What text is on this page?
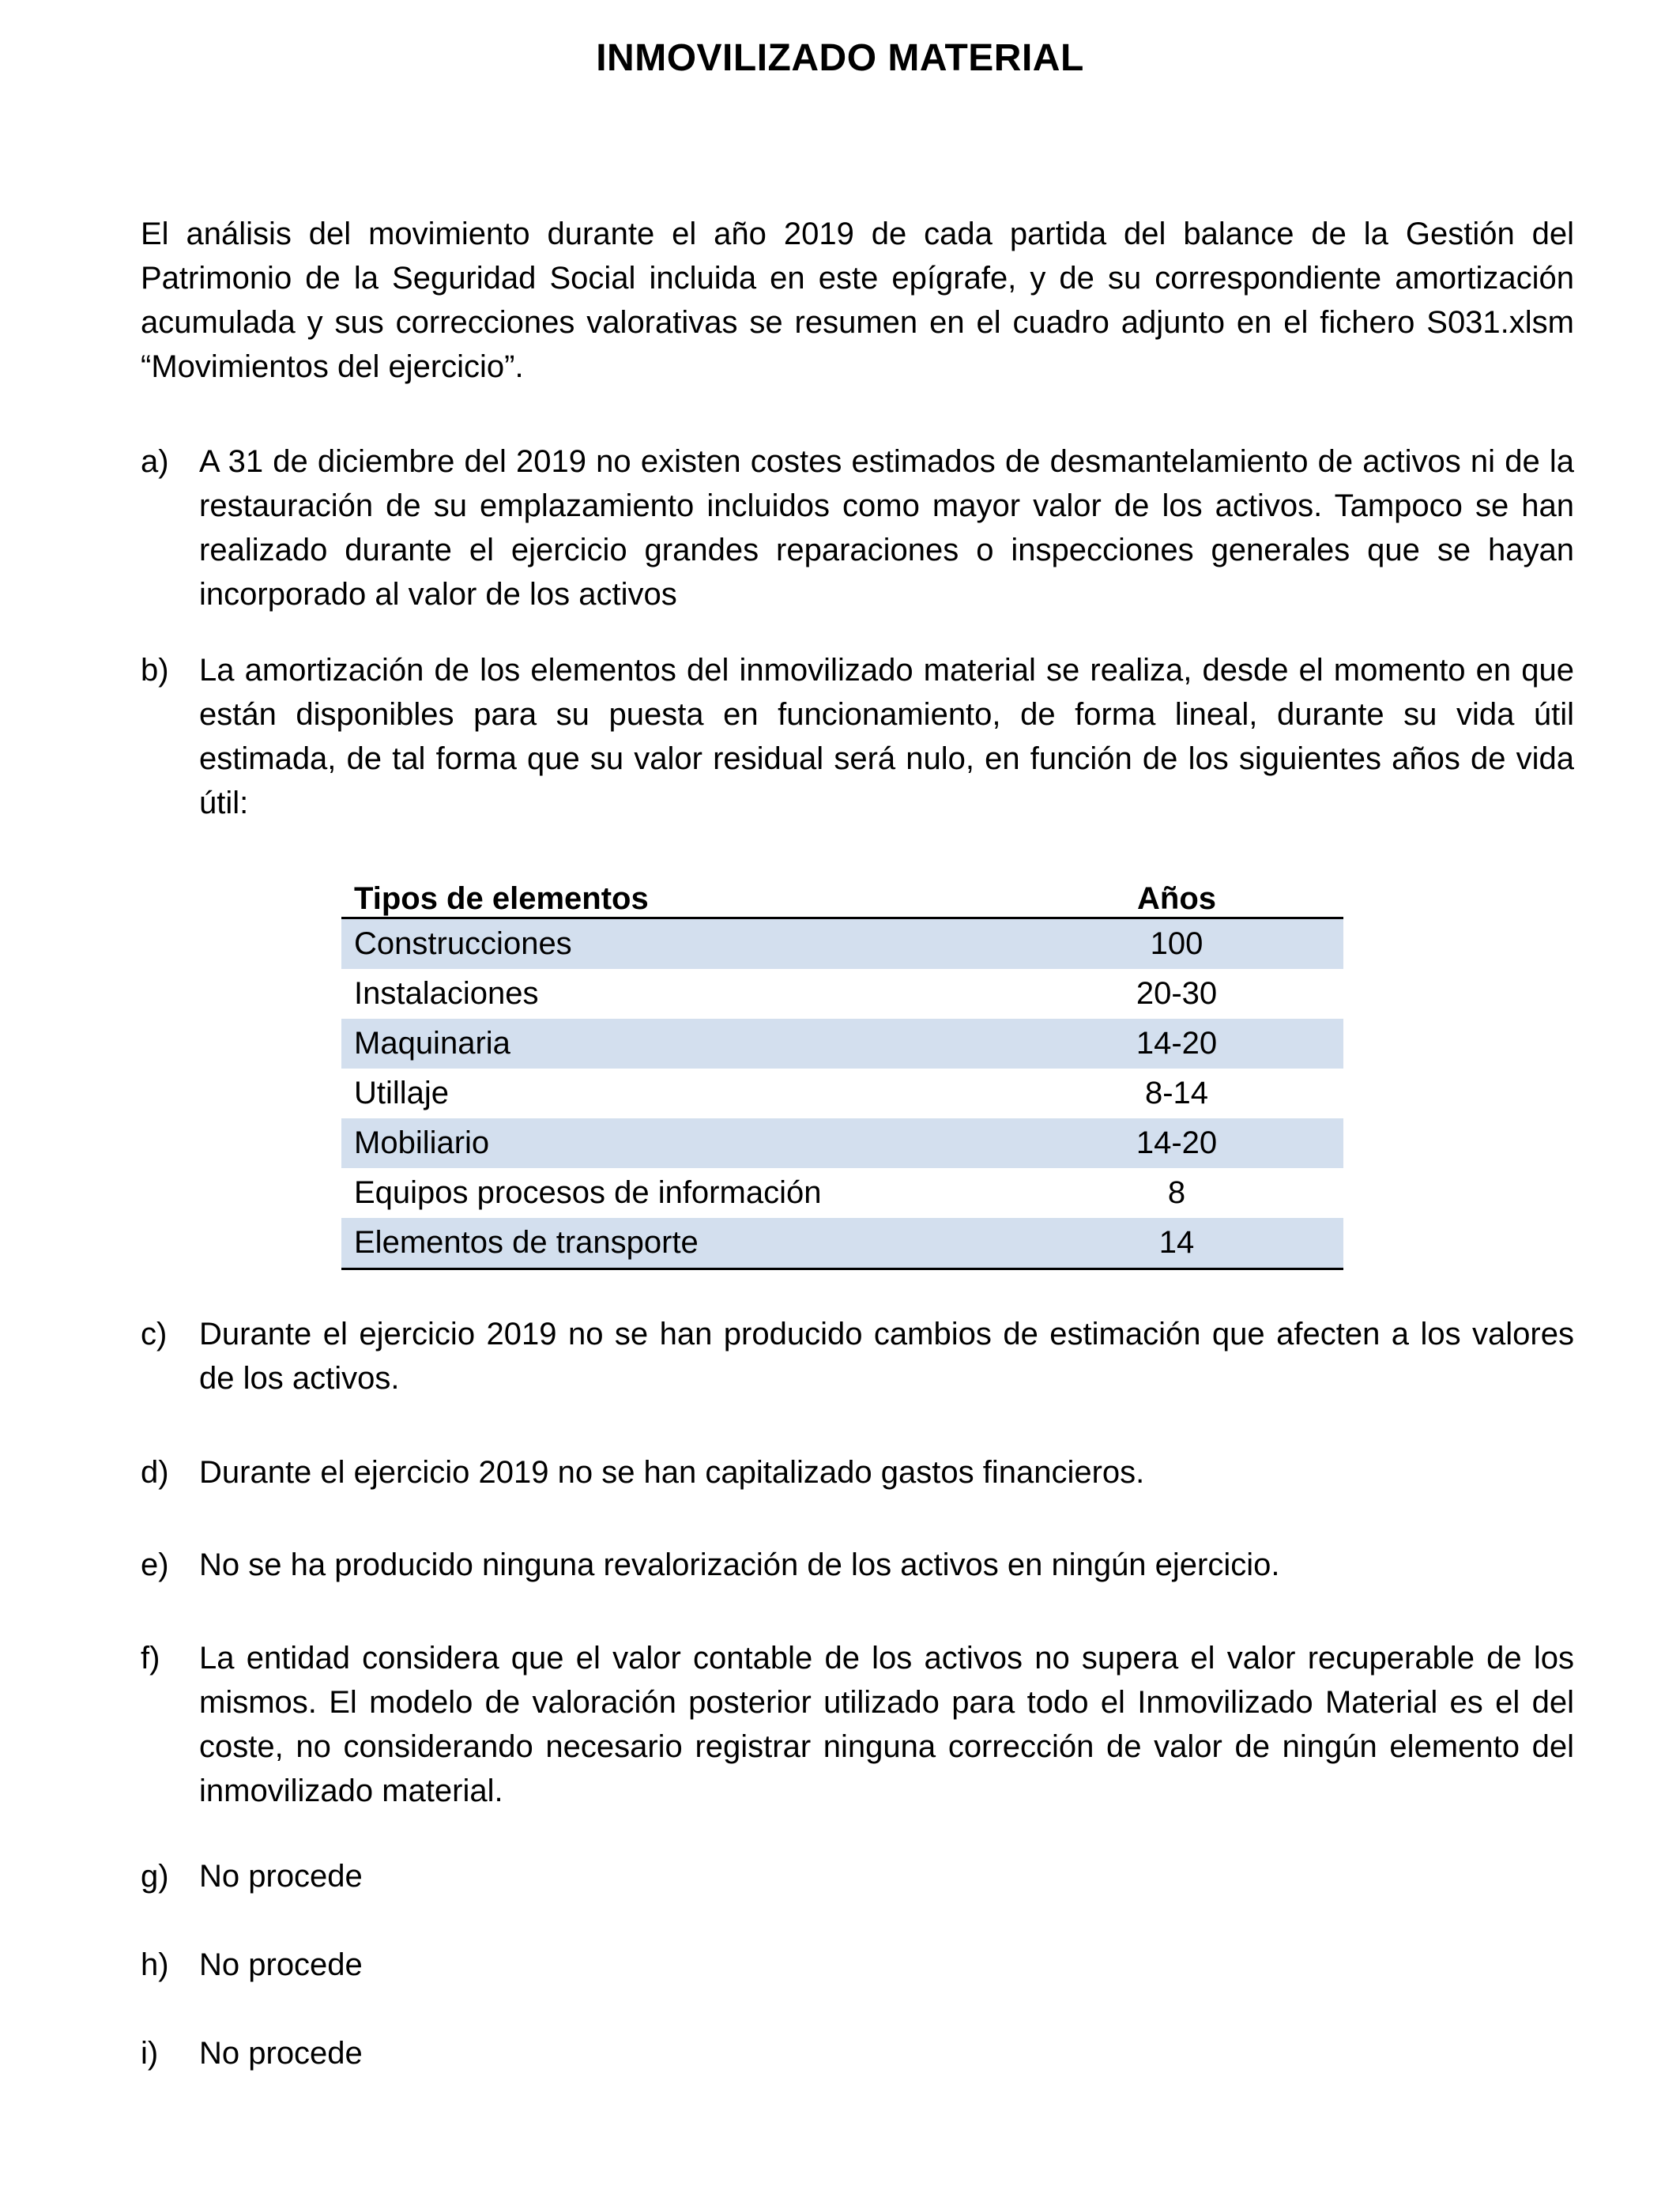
INMOVILIZADO MATERIAL
El análisis del movimiento durante el año 2019 de cada partida del balance de la Gestión del Patrimonio de la Seguridad Social incluida en este epígrafe, y de su correspondiente amortización acumulada y sus correcciones valorativas se resumen en el cuadro adjunto en el fichero S031.xlsm “Movimientos del ejercicio”.
a) A 31 de diciembre del 2019 no existen costes estimados de desmantelamiento de activos ni de la restauración de su emplazamiento incluidos como mayor valor de los activos. Tampoco se han realizado durante el ejercicio grandes reparaciones o inspecciones generales que se hayan incorporado al valor de los activos
b) La amortización de los elementos del inmovilizado material se realiza, desde el momento en que están disponibles para su puesta en funcionamiento, de forma lineal, durante su vida útil estimada, de tal forma que su valor residual será nulo, en función de los siguientes años de vida útil:
Tipos de elementos	Años
Construcciones	100
Instalaciones	20-30
Maquinaria	14-20
Utillaje	8-14
Mobiliario	14-20
Equipos procesos de información	8
Elementos de transporte	14
c)	Durante el ejercicio 2019 no se han producido cambios de estimación que afecten a los valores de los activos.
d) Durante el ejercicio 2019 no se han capitalizado gastos financieros.
e) No se ha producido ninguna revalorización de los activos en ningún ejercicio.
f)	La entidad considera que el valor contable de los activos no supera el valor recuperable de los mismos. El modelo de valoración posterior utilizado para todo el Inmovilizado Material es el del coste, no considerando necesario registrar ninguna corrección de valor de ningún elemento del inmovilizado material.
g) No procede
h) No procede
i)	No procede
